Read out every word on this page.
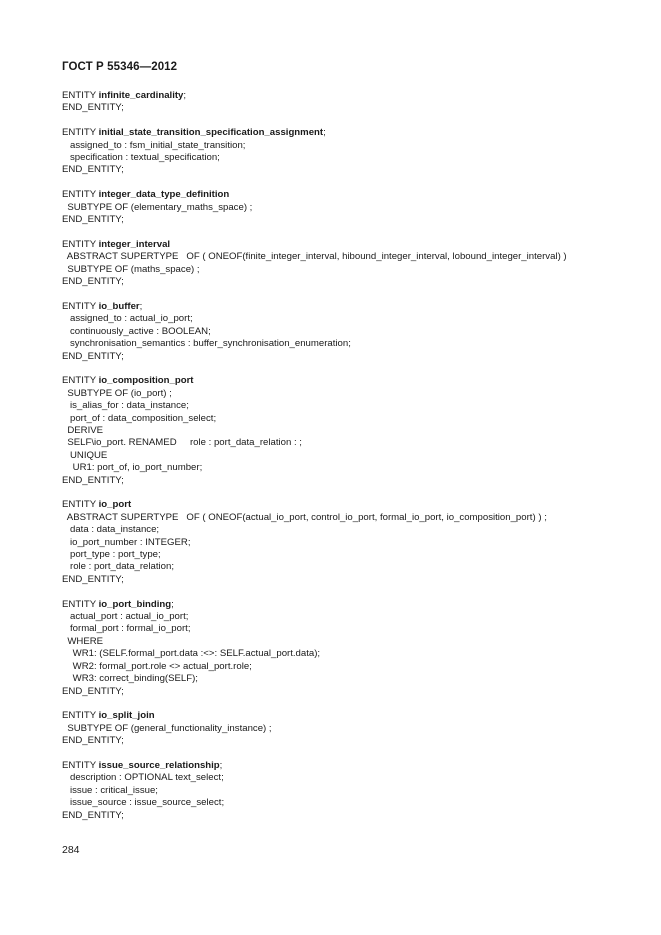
ГОСТ Р 55346—2012
ENTITY infinite_cardinality;
END_ENTITY;
ENTITY initial_state_transition_specification_assignment;
assigned_to : fsm_initial_state_transition;
specification : textual_specification;
END_ENTITY;
ENTITY integer_data_type_definition
SUBTYPE OF (elementary_maths_space) ;
END_ENTITY;
ENTITY integer_interval
ABSTRACT SUPERTYPE   OF ( ONEOF(finite_integer_interval, hibound_integer_interval, lobound_integer_interval) )
SUBTYPE OF (maths_space) ;
END_ENTITY;
ENTITY io_buffer;
assigned_to : actual_io_port;
continuously_active : BOOLEAN;
synchronisation_semantics : buffer_synchronisation_enumeration;
END_ENTITY;
ENTITY io_composition_port
SUBTYPE OF (io_port) ;
is_alias_for : data_instance;
port_of : data_composition_select;
DERIVE
SELF\io_port. RENAMED     role : port_data_relation : ;
UNIQUE
UR1: port_of, io_port_number;
END_ENTITY;
ENTITY io_port
ABSTRACT SUPERTYPE   OF ( ONEOF(actual_io_port, control_io_port, formal_io_port, io_composition_port) ) ;
data : data_instance;
io_port_number : INTEGER;
port_type : port_type;
role : port_data_relation;
END_ENTITY;
ENTITY io_port_binding;
actual_port : actual_io_port;
formal_port : formal_io_port;
WHERE
WR1: (SELF.formal_port.data :<>: SELF.actual_port.data);
WR2: formal_port.role <> actual_port.role;
WR3: correct_binding(SELF);
END_ENTITY;
ENTITY io_split_join
SUBTYPE OF (general_functionality_instance) ;
END_ENTITY;
ENTITY issue_source_relationship;
description : OPTIONAL text_select;
issue : critical_issue;
issue_source : issue_source_select;
END_ENTITY;
284
